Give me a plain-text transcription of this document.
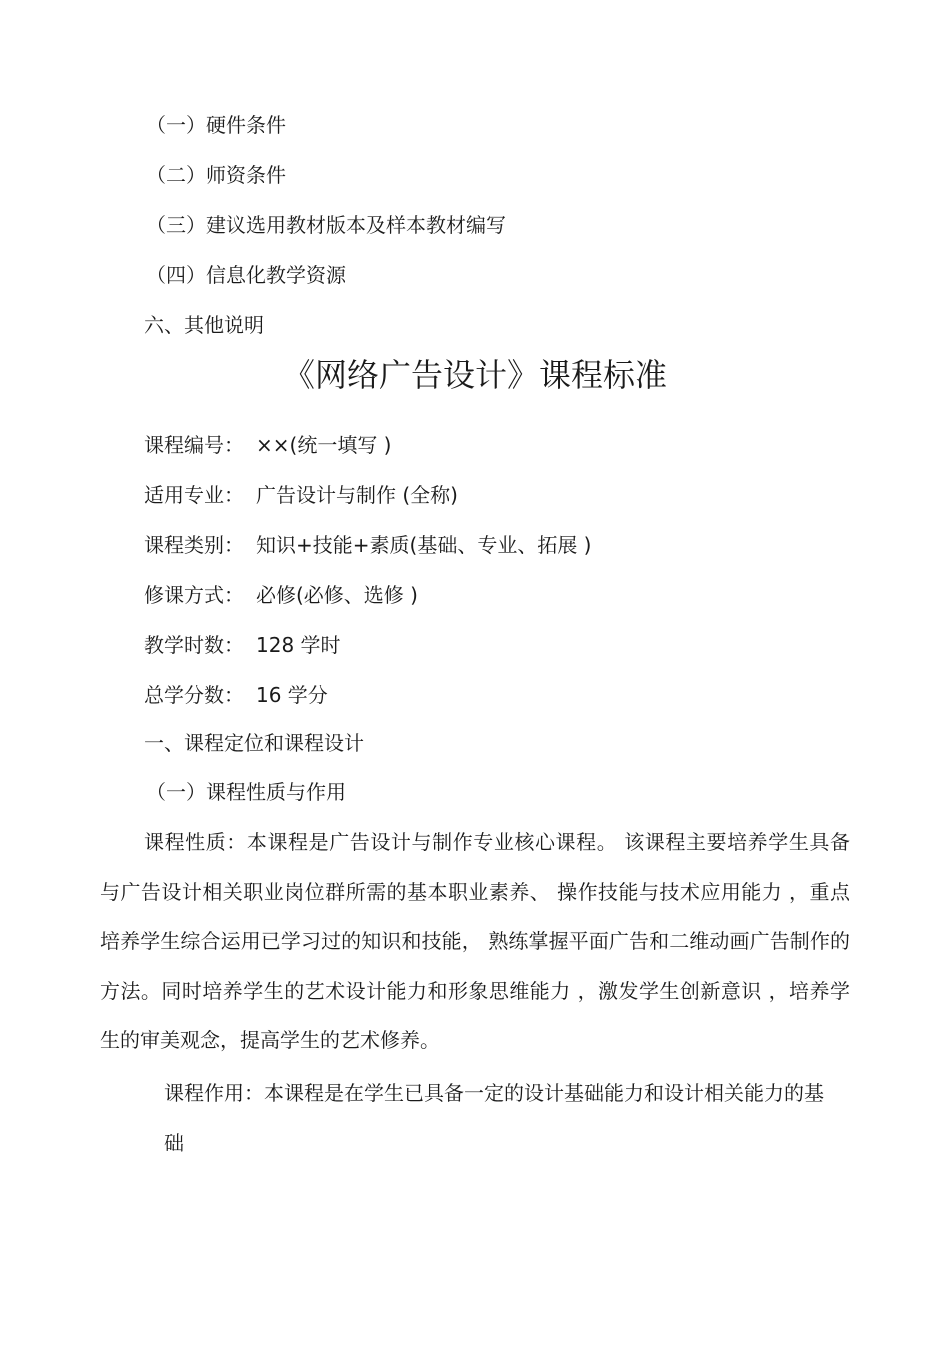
（一）硬件条件
（二）师资条件
（三）建议选用教材版本及样本教材编写
（四）信息化教学资源
六、其他说明
《网络广告设计》课程标准
课程编号： ××(统一填写 )
适用专业： 广告设计与制作 (全称)
课程类别： 知识+技能+素质(基础、专业、拓展 )
修课方式： 必修(必修、选修 )
教学时数： 128 学时
总学分数： 16 学分
一、课程定位和课程设计
（一）课程性质与作用
课程性质：本课程是广告设计与制作专业核心课程。 该课程主要培养学生具备与广告设计相关职业岗位群所需的基本职业素养、 操作技能与技术应用能力 ，重点培养学生综合运用已学习过的知识和技能， 熟练掌握平面广告和二维动画广告制作的方法。同时培养学生的艺术设计能力和形象思维能力 ，激发学生创新意识 ，培养学生的审美观念，提高学生的艺术修养。
课程作用：本课程是在学生已具备一定的设计基础能力和设计相关能力的基础
